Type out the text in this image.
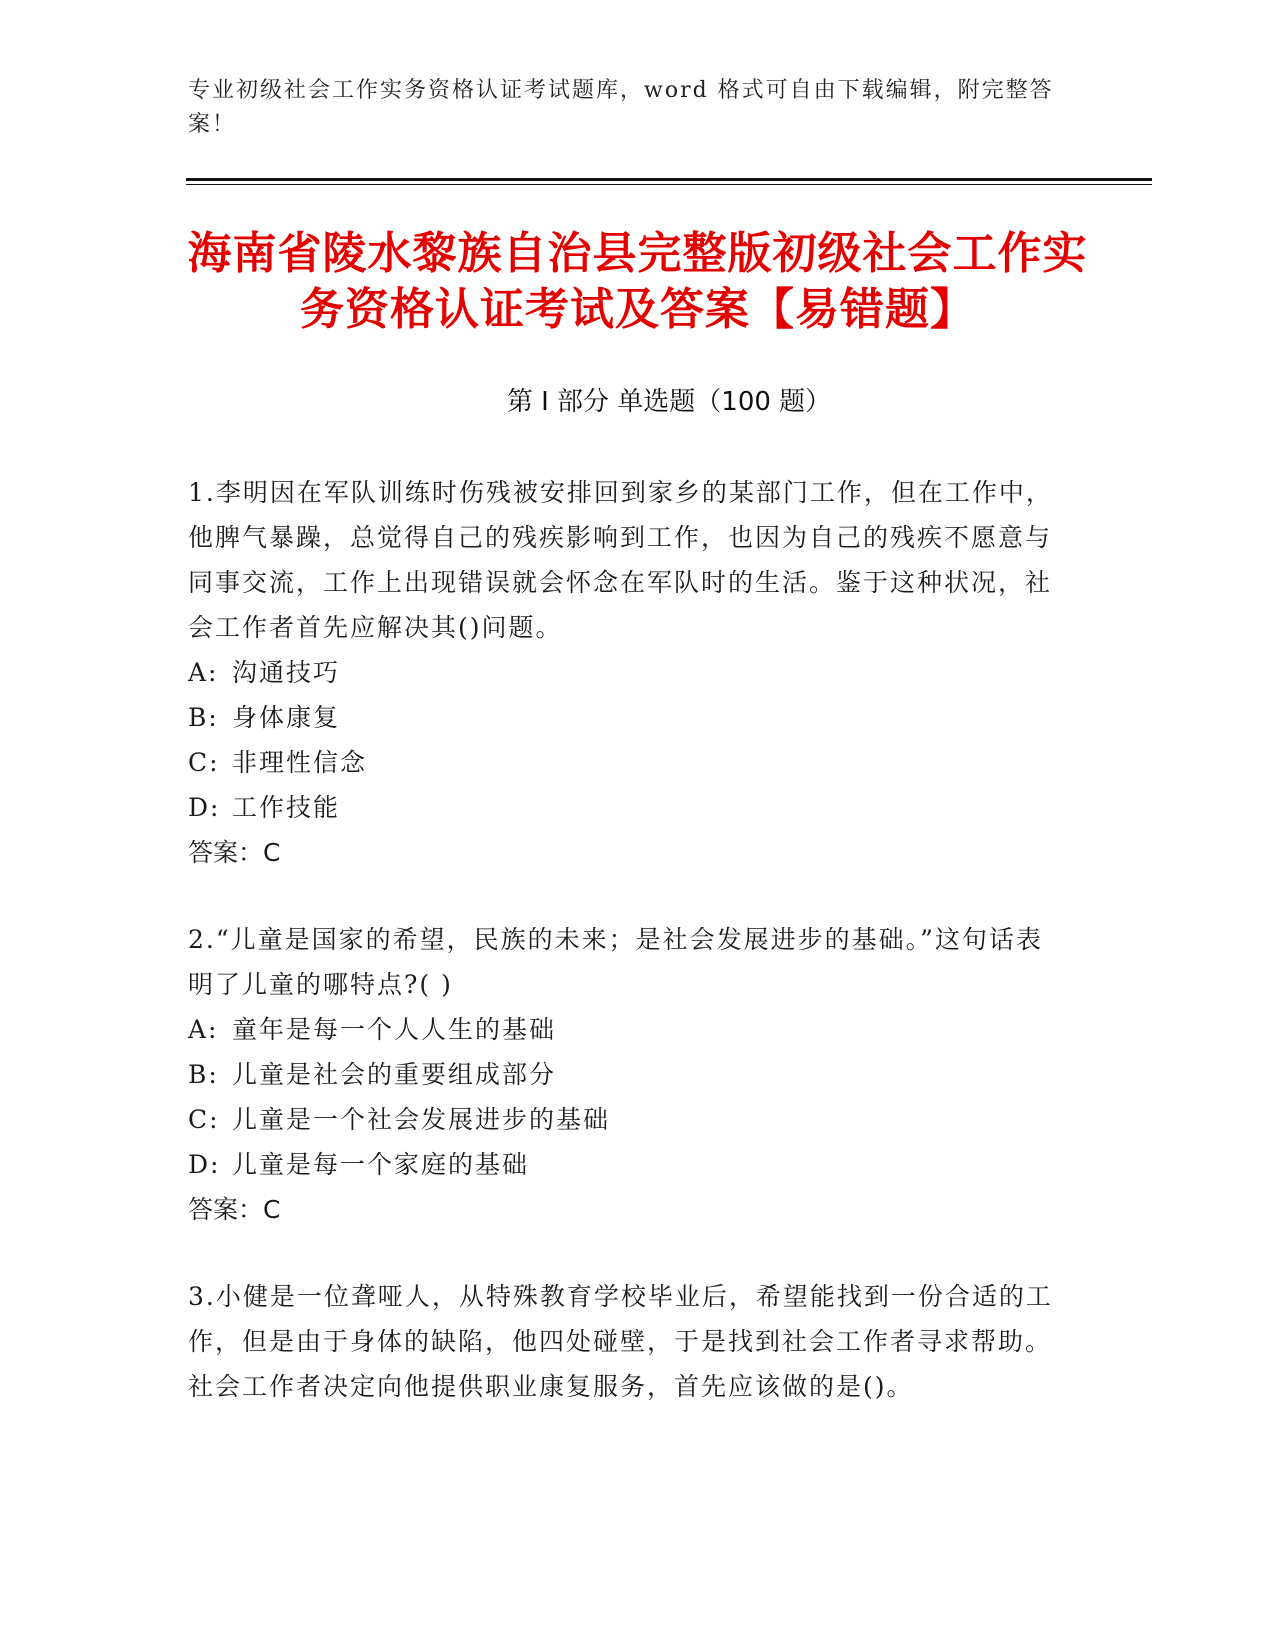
专业初级社会工作实务资格认证考试题库，word 格式可自由下载编辑，附完整答案！
海南省陵水黎族自治县完整版初级社会工作实务资格认证考试及答案【易错题】
第 I 部分 单选题（100 题）

1.李明因在军队训练时伤残被安排回到家乡的某部门工作，但在工作中，他脾气暴躁，总觉得自己的残疾影响到工作，也因为自己的残疾不愿意与同事交流，工作上出现错误就会怀念在军队时的生活。鉴于这种状况，社会工作者首先应解决其()问题。

A: 沟通技巧

B: 身体康复

C: 非理性信念

D: 工作技能

答案：C

2.“儿童是国家的希望，民族的未来；是社会发展进步的基础。”这句话表明了儿童的哪特点?( )

A: 童年是每一个人人生的基础

B: 儿童是社会的重要组成部分

C: 儿童是一个社会发展进步的基础

D: 儿童是每一个家庭的基础

答案：C

3.小健是一位聋哑人，从特殊教育学校毕业后，希望能找到一份合适的工作，但是由于身体的缺陷，他四处碰壁，于是找到社会工作者寻求帮助。社会工作者决定向他提供职业康复服务，首先应该做的是()。
